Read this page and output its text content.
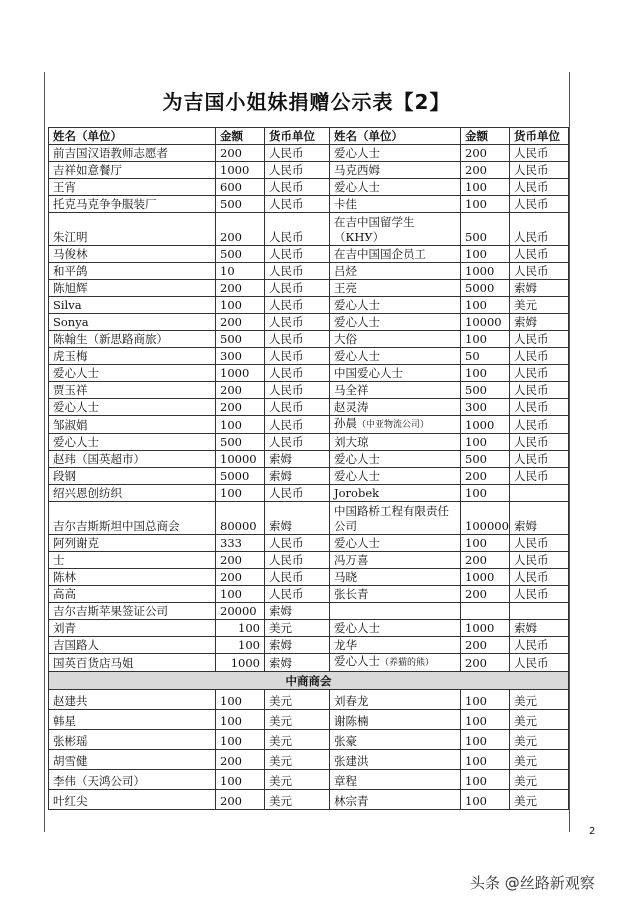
为吉国小姐妹捐赠公示表【2】
姓名（单位）	金额	货币单位	姓名（单位）	金额	货币单位
前吉国汉语教师志愿者	200	人民币	爱心人士	200	人民币
吉祥如意餐厅	1000	人民币	马克西姆	200	人民币
王宵	600	人民币	爱心人士	100	人民币
托克马克争争服装厂	500	人民币	卡佳	100	人民币
朱江明	200	人民币	在吉中国留学生（КНУ）	500	人民币
马俊林	500	人民币	在吉中国国企员工	100	人民币
和平鸽	10	人民币	吕烃	1000	人民币
陈旭辉	200	人民币	王亮	5000	索姆
Silva	100	人民币	爱心人士	100	美元
Sonya	200	人民币	爱心人士	10000	索姆
陈翰生（新思路商旅）	500	人民币	大俗	100	人民币
虎玉梅	300	人民币	爱心人士	50	人民币
爱心人士	1000	人民币	中国爱心人士	100	人民币
贾玉祥	200	人民币	马全祥	500	人民币
爱心人士	200	人民币	赵灵涛	300	人民币
邹淑娟	100	人民币	孙晨（中亚物流公司）	1000	人民币
爱心人士	500	人民币	刘大琼	100	人民币
赵玮（国英超市）	10000	索姆	爱心人士	500	人民币
段钢	5000	索姆	爱心人士	200	人民币
绍兴恩创纺织	100	人民币	Jorobek	100	
吉尔吉斯斯坦中国总商会	80000	索姆	中国路桥工程有限责任公司	100000	索姆
阿列谢克	333	人民币	爱心人士	100	人民币
士	200	人民币	冯万喜	200	人民币
陈林	200	人民币	马晓	1000	人民币
高高	100	人民币	张长青	200	人民币
吉尔吉斯苹果签证公司	20000	索姆			
刘青	100	美元	爱心人士	1000	索姆
吉国路人	100	索姆	龙华	200	人民币
国英百货店马姐	1000	索姆	爱心人士（养猫的熊）	200	人民币
中商商会					
赵建共	100	美元	刘春龙	100	美元
韩星	100	美元	谢陈楠	100	美元
张彬瑶	100	美元	张豪	100	美元
胡雪健	200	美元	张建洪	100	美元
李伟（天鸿公司）	100	美元	章程	100	美元
叶红尖	200	美元	林宗青	100	美元
2
头条 @丝路新观察
